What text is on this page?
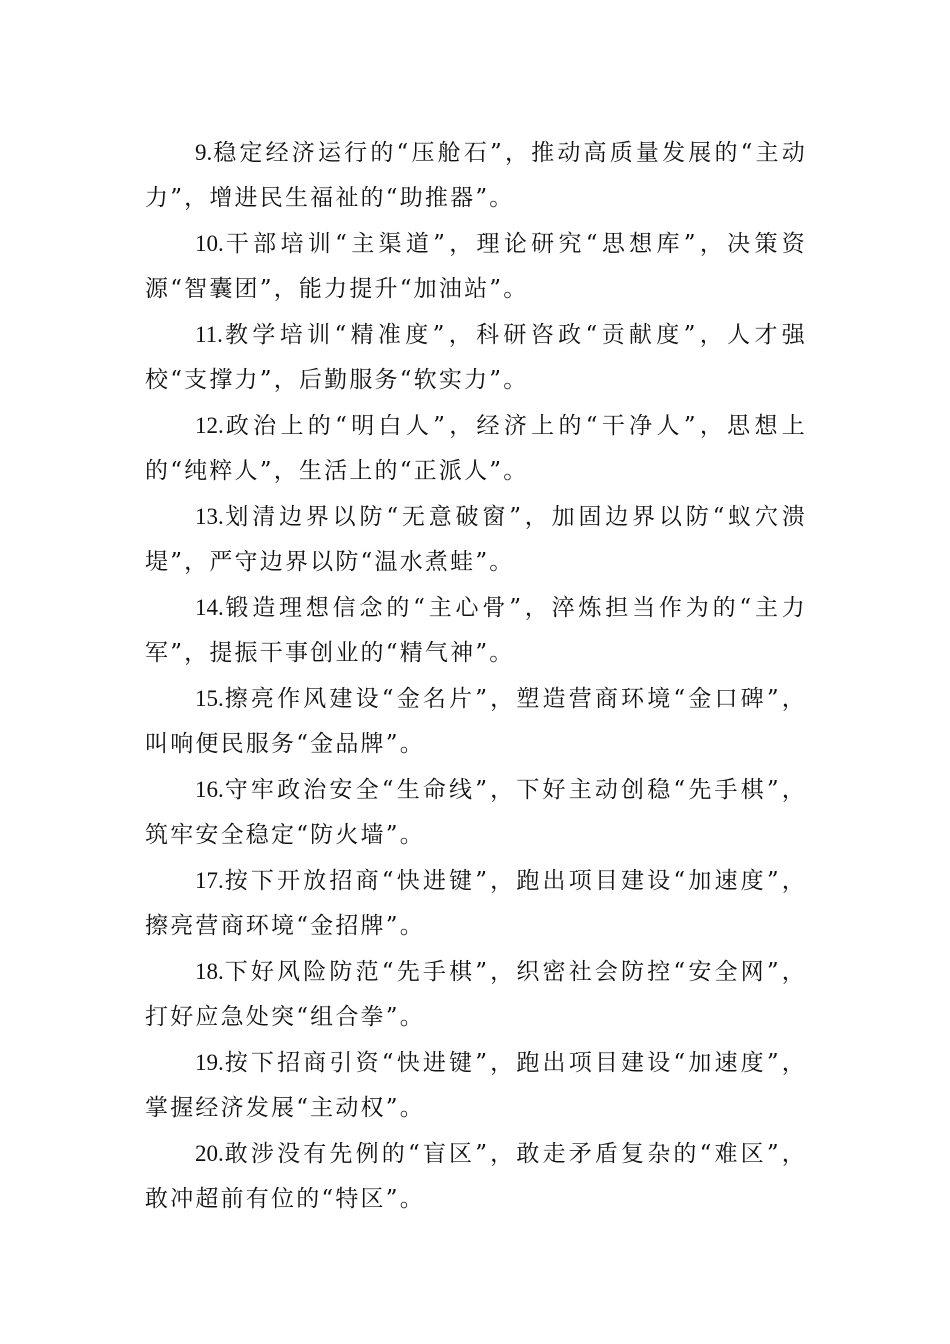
9.稳定经济运行的“压舱石”，推动高质量发展的“主动力”，增进民生福祉的“助推器”。

10.干部培训“主渠道”，理论研究“思想库”，决策资源“智囊团”，能力提升“加油站”。

11.教学培训“精准度”，科研咨政“贡献度”，人才强校“支撑力”，后勤服务“软实力”。

12.政治上的“明白人”，经济上的“干净人”，思想上的“纯粹人”，生活上的“正派人”。

13.划清边界以防“无意破窗”，加固边界以防“蚁穴溃堤”，严守边界以防“温水煮蛙”。

14.锻造理想信念的“主心骨”，淬炼担当作为的“主力军”，提振干事创业的“精气神”。

15.擦亮作风建设“金名片”，塑造营商环境“金口碑”，叫响便民服务“金品牌”。

16.守牢政治安全“生命线”，下好主动创稳“先手棋”，筑牢安全稳定“防火墙”。

17.按下开放招商“快进键”，跑出项目建设“加速度”，擦亮营商环境“金招牌”。

18.下好风险防范“先手棋”，织密社会防控“安全网”，打好应急处突“组合拳”。

19.按下招商引资“快进键”，跑出项目建设“加速度”，掌握经济发展“主动权”。

20.敢涉没有先例的“盲区”，敢走矛盾复杂的“难区”，敢冲超前有位的“特区”。
